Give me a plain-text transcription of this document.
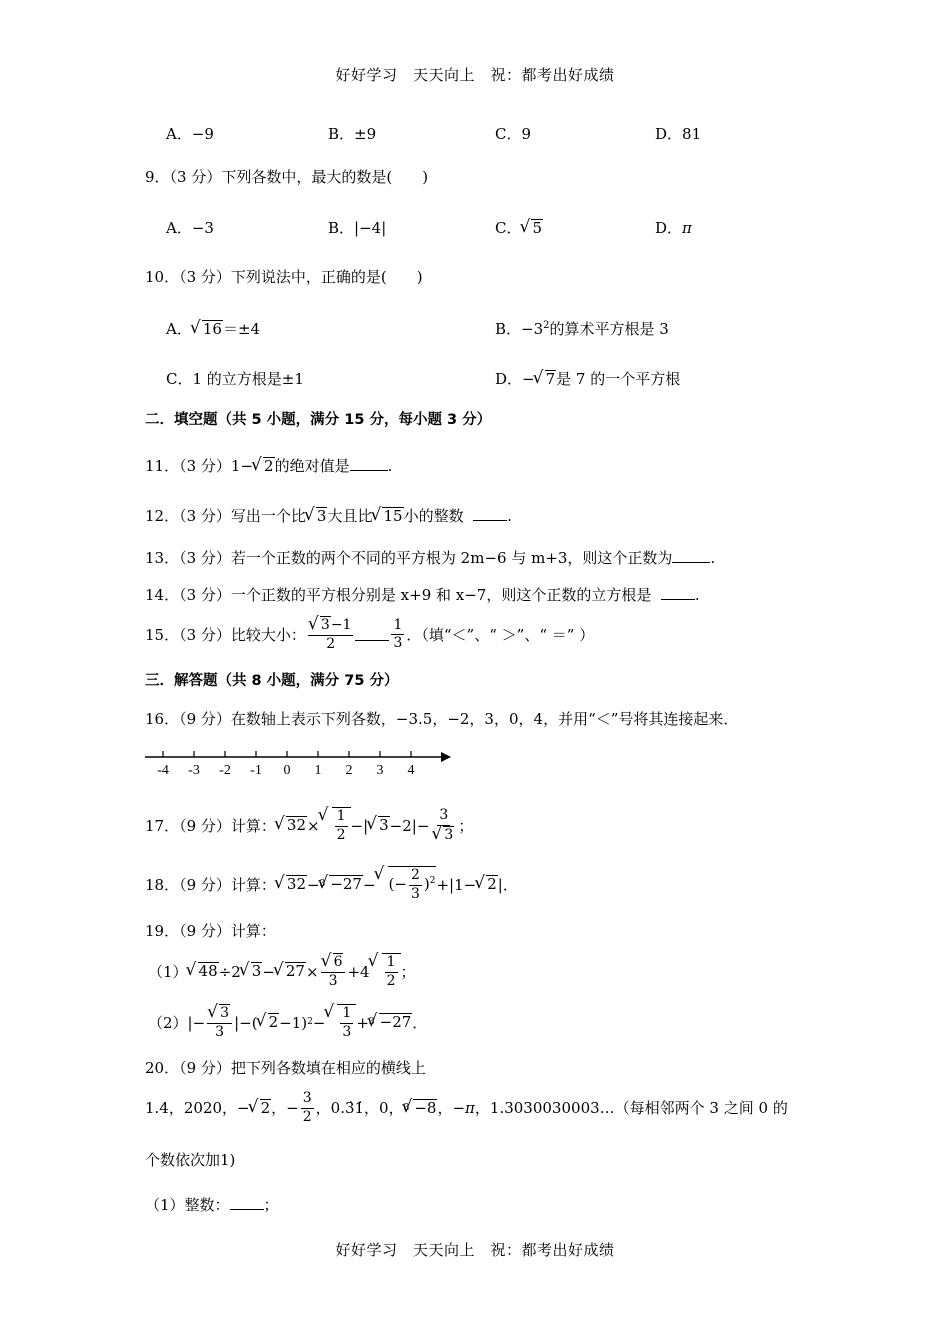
好好学习　天天向上　祝：都考出好成绩
A．−9	B．±9	C．9	D．81
9．（3 分）下列各数中，最大的数是(　　)
A．−3	B．|−4|	C． √ 5	D．π
10．（3 分）下列说法中，正确的是(　　)
A． √ 16＝±4	B．$-3^2$的算术平方根是 3
C．1 的立方根是±1	D．− √ 7是 7 的一个平方根
二．填空题（共 5 小题，满分 15 分，每小题 3 分）
11．（3 分）1− √ 2的绝对值是	.
12．（3 分）写出一个比 √ 3大且比 √ 15小的整数	.
13．（3 分）若一个正数的两个不同的平方根为 2m−6 与 m+3，则这个正数为	.
14．（3 分）一个正数的平方根分别是 x+9 和 x−7，则这个正数的立方根是	.
15．（3 分）比较大小： √ $\frac{3-1}{2}$	$\frac{1}{3}$ ．（填“＜”、“ ＞”、“ ＝” ）
三．解答题（共 8 小题，满分 75 分）
16．（9 分）在数轴上表示下列各数，−3.5，−2，3，0，4，并用“＜”号将其连接起来．
-4 -3 -2 -1 0 1 2 3 4
17．（9 分）计算： √ 32 × √ $\frac{1}{2}$ −| √ 3 −2|− 3
√ 3 ；
18．（9 分）计算： √ 32 − 3 √ −27 − √ (− $\frac{2}{3} )^2 +|1-$ √ 2 |．
19．（9 分）计算：
（1） √ 48 ÷2 √ 3 − √ 27 × √ $\frac{6}{3} +4$ √ $\frac{1}{2}$ ；
（2） |− √ $\frac{3}{3}$ |−( √ 2 −1) 2 − √ $\frac{1}{3} + 3$ √ −27 ．
20．（9 分）把下列各数填在相应的横线上
1.4，2020，− √ 2 ，− $\frac{3}{2}$ ，0.3̇1̇，0， 3 √ −8 ，− π ，1.3030030003… （每相邻两个 3 之间 0 的
个数依次加1)
（1）整数： ；
好好学习　天天向上　祝：都考出好成绩
